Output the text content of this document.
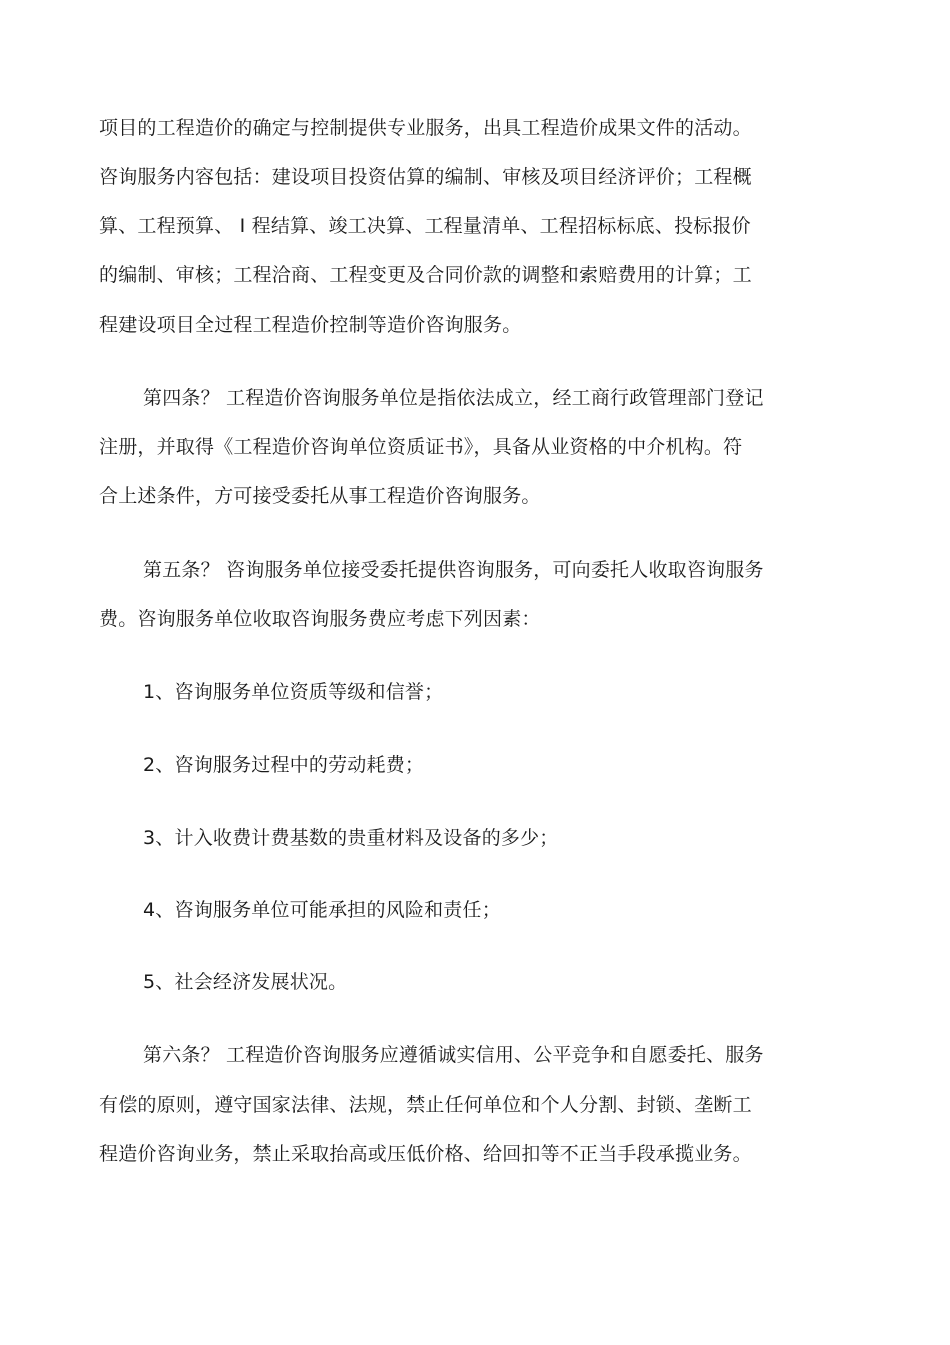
项目的工程造价的确定与控制提供专业服务，出具工程造价成果文件的活动。
咨询服务内容包括：建设项目投资估算的编制、审核及项目经济评价；工程概
算、工程预算、 Ⅰ 程结算、竣工决算、工程量清单、工程招标标底、投标报价
的编制、审核；工程洽商、工程变更及合同价款的调整和索赔费用的计算；工
程建设项目全过程工程造价控制等造价咨询服务。
第四条？ 工程造价咨询服务单位是指依法成立，经工商行政管理部门登记
注册，并取得《工程造价咨询单位资质证书》，具备从业资格的中介机构。符
合上述条件，方可接受委托从事工程造价咨询服务。
第五条？ 咨询服务单位接受委托提供咨询服务，可向委托人收取咨询服务
费。咨询服务单位收取咨询服务费应考虑下列因素：
1、咨询服务单位资质等级和信誉；
2、咨询服务过程中的劳动耗费；
3、计入收费计费基数的贵重材料及设备的多少；
4、咨询服务单位可能承担的风险和责任；
5、社会经济发展状况。
第六条？ 工程造价咨询服务应遵循诚实信用、公平竞争和自愿委托、服务
有偿的原则，遵守国家法律、法规，禁止任何单位和个人分割、封锁、垄断工
程造价咨询业务，禁止采取抬高或压低价格、给回扣等不正当手段承揽业务。
